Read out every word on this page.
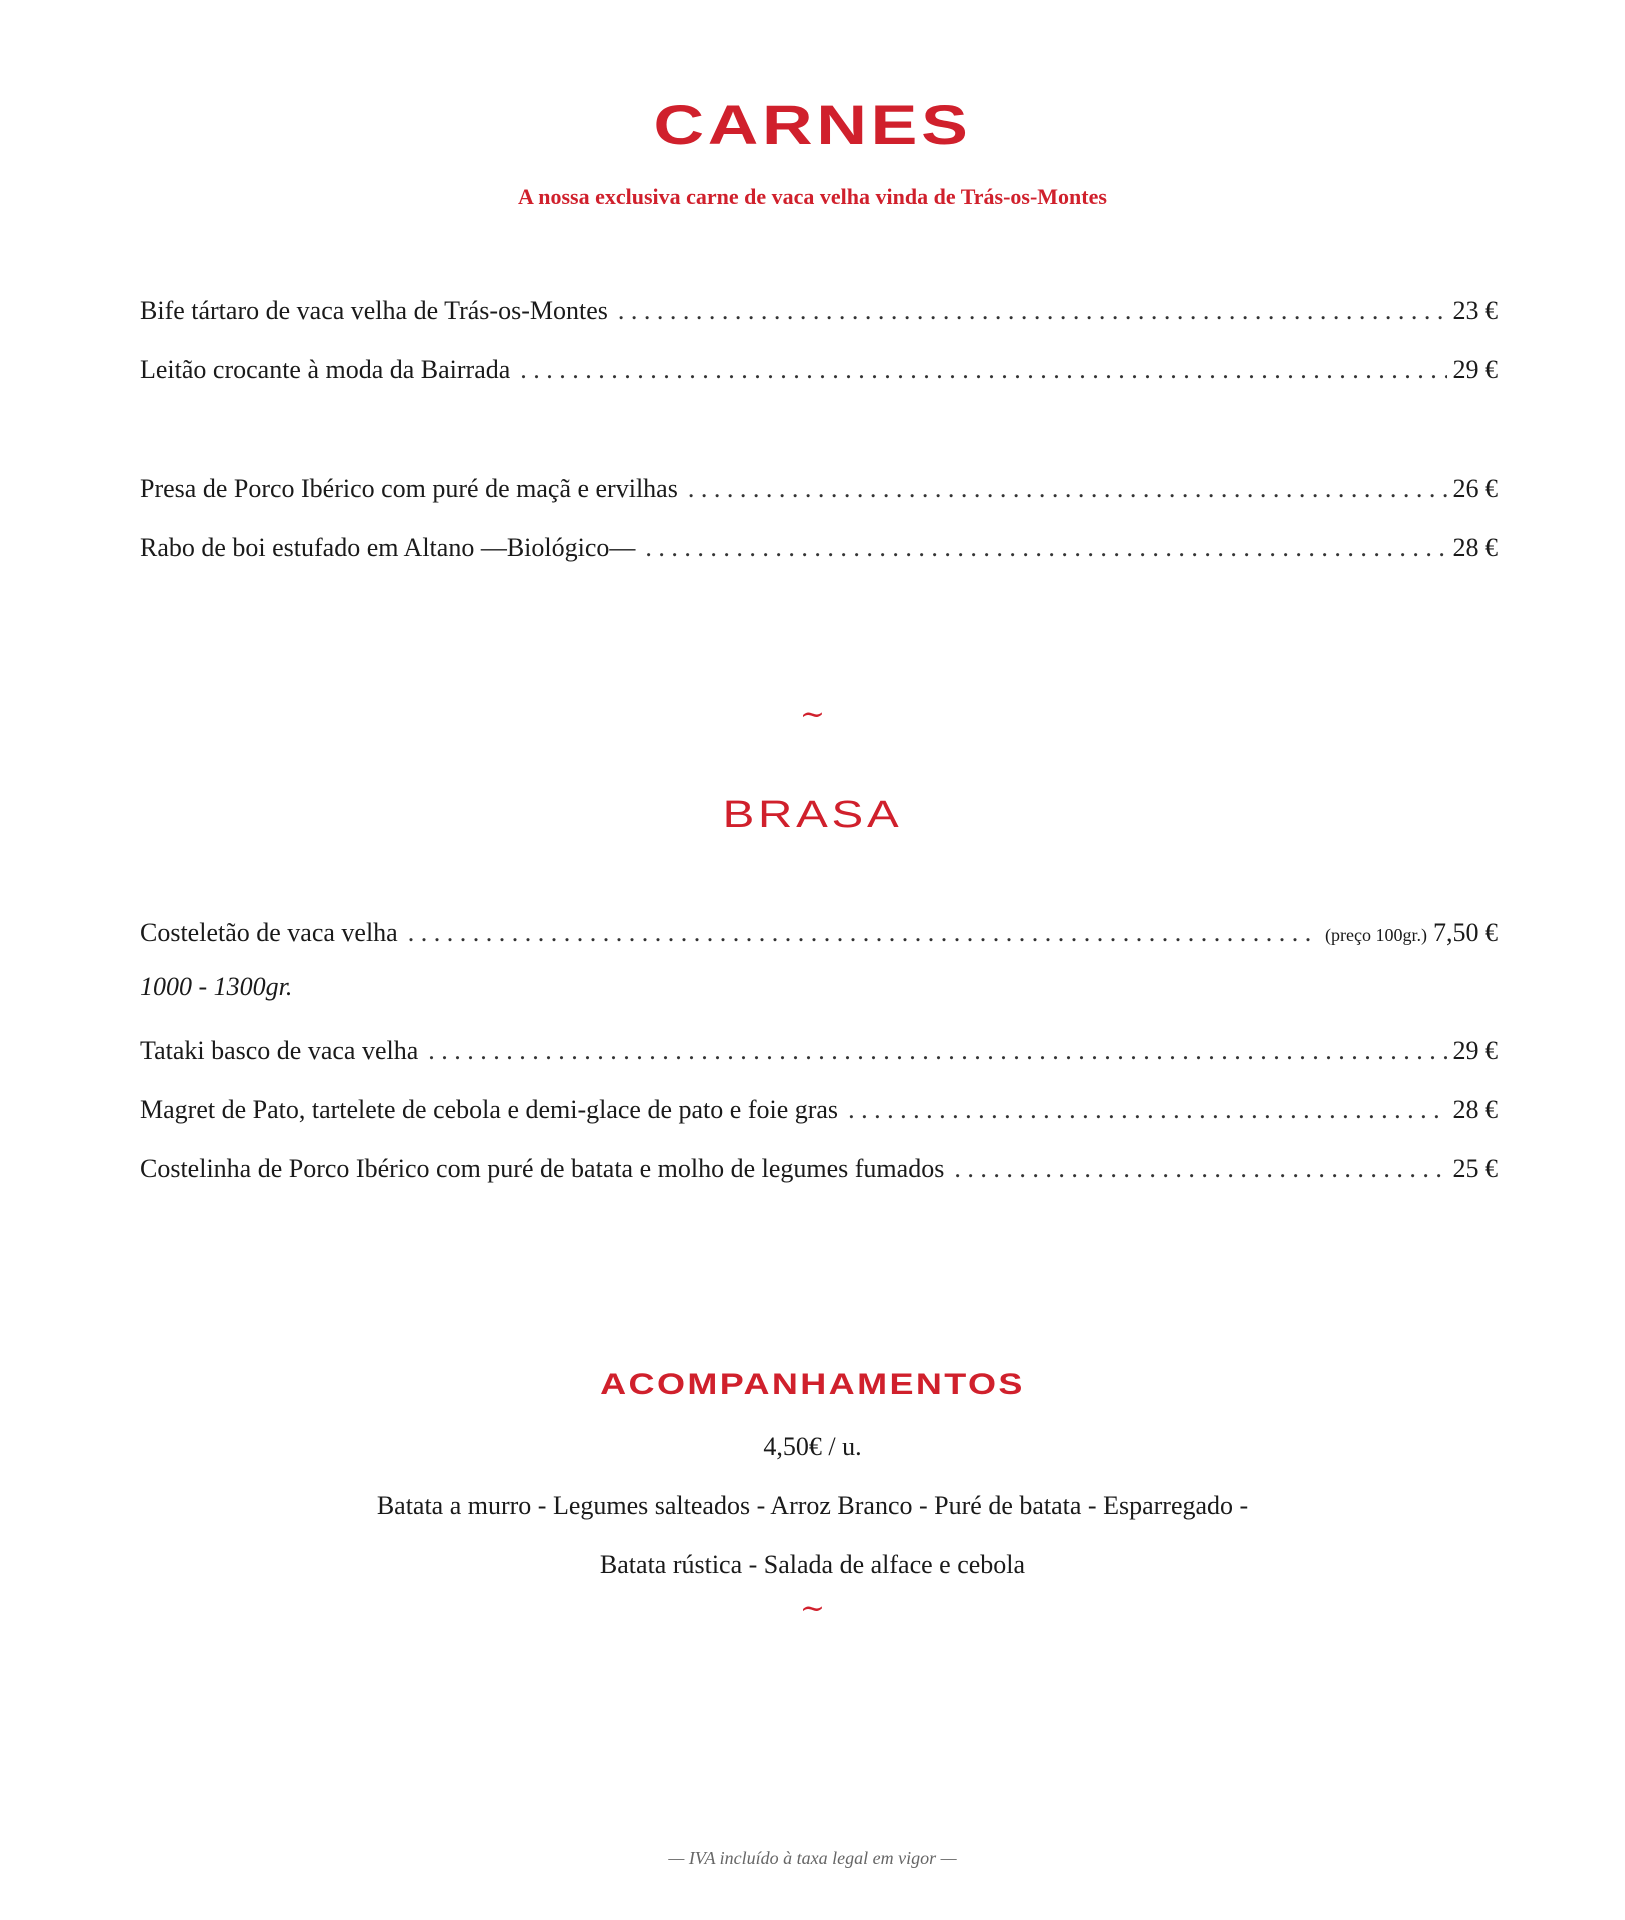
CARNES
A nossa exclusiva carne de vaca velha vinda de Trás-os-Montes
Bife tártaro de vaca velha de Trás-os-Montes . . .	23 €
Leitão crocante à moda da Bairrada . . .	29 €
Presa de Porco Ibérico com puré de maçã e ervilhas . . .	26 €
Rabo de boi estufado em Altano —Biológico— . . .	28 €
~
BRASA
Costeletão de vaca velha . . .	(preço 100gr.) 7,50 €
1000 - 1300gr.
Tataki basco de vaca velha . . .	29 €
Magret de Pato, tartelete de cebola e demi-glace de pato e foie gras . . .	28 €
Costelinha de Porco Ibérico com puré de batata e molho de legumes fumados . . .	25 €
ACOMPANHAMENTOS
4,50€ / u.
Batata a murro - Legumes salteados - Arroz Branco - Puré de batata - Esparregado -
Batata rústica - Salada de alface e cebola
~
— IVA incluído à taxa legal em vigor —
